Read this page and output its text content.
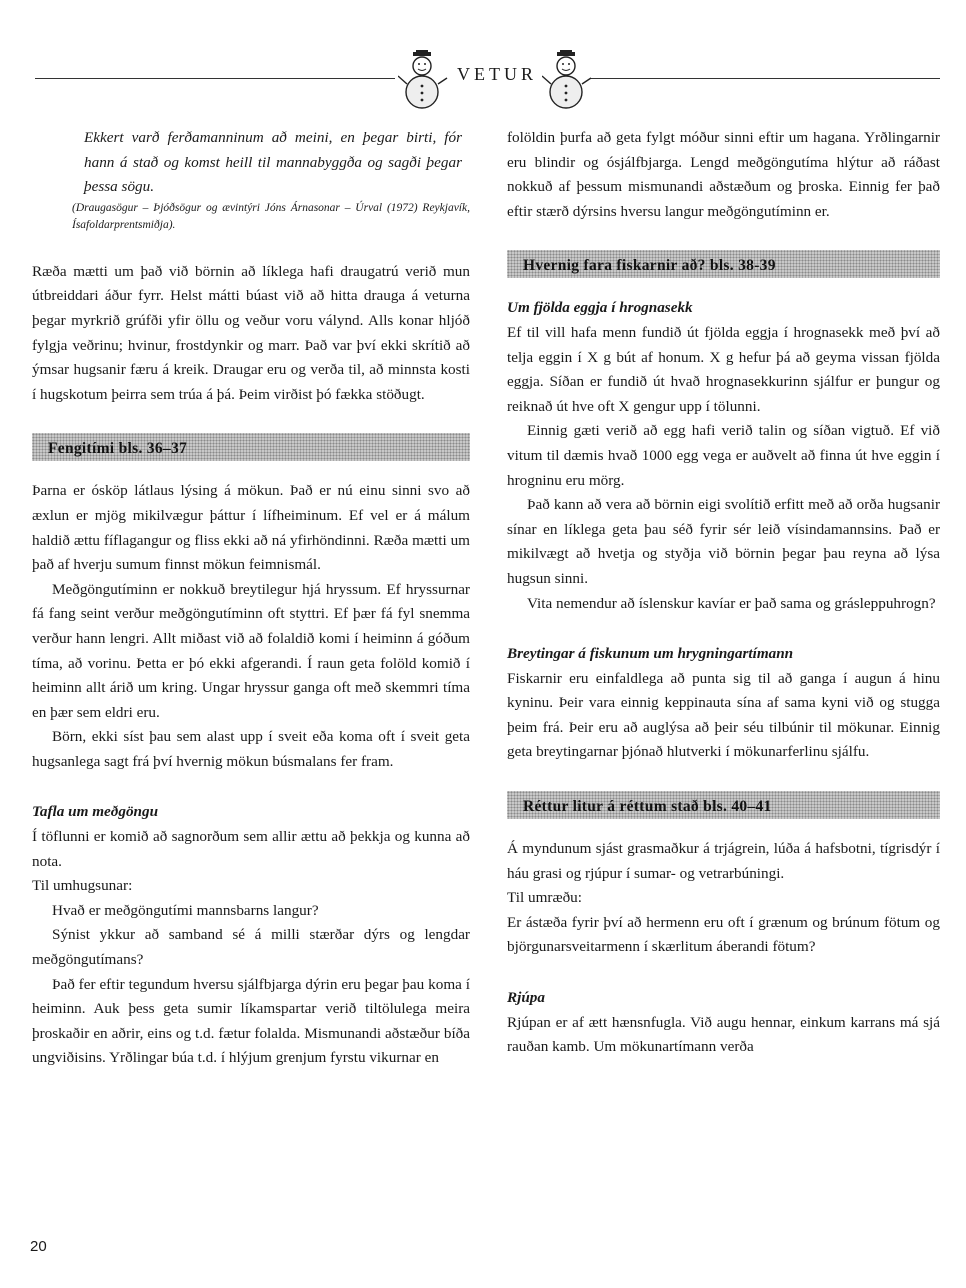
VETUR

Ekkert varð ferðamanninum að meini, en þegar birti, fór hann á stað og komst heill til mannabyggða og sagði þegar þessa sögu.

(Draugasögur – Þjóðsögur og ævintýri Jóns Árnasonar – Úrval (1972) Reykjavík, Ísafoldarprentsmiðja).

Ræða mætti um það við börnin að líklega hafi draugatrú verið mun útbreiddari áður fyrr. Helst mátti búast við að hitta drauga á veturna þegar myrkrið grúfði yfir öllu og veður voru válynd. Alls konar hljóð fylgja veðrinu; hvinur, frostdynkir og marr. Það var því ekki skrítið að ýmsar hugsanir færu á kreik. Draugar eru og verða til, að minnsta kosti í hugskotum þeirra sem trúa á þá. Þeim virðist þó fækka stöðugt.

Fengitími bls. 36–37

Þarna er ósköp látlaus lýsing á mökun. Það er nú einu sinni svo að æxlun er mjög mikilvægur þáttur í lífheiminum. Ef vel er á málum haldið ættu fíflagangur og fliss ekki að ná yfirhöndinni. Ræða mætti um það af hverju sumum finnst mökun feimnismál.

Meðgöngutíminn er nokkuð breytilegur hjá hryssum. Ef hryssurnar fá fang seint verður meðgöngutíminn oft styttri. Ef þær fá fyl snemma verður hann lengri. Allt miðast við að folaldið komi í heiminn á góðum tíma, að vorinu. Þetta er þó ekki afgerandi. Í raun geta folöld komið í heiminn allt árið um kring. Ungar hryssur ganga oft með skemmri tíma en þær sem eldri eru.

Börn, ekki síst þau sem alast upp í sveit eða koma oft í sveit geta hugsanlega sagt frá því hvernig mökun búsmalans fer fram.

Tafla um meðgöngu

Í töflunni er komið að sagnorðum sem allir ættu að þekkja og kunna að nota.

Til umhugsunar:

Hvað er meðgöngutími mannsbarns langur?

Sýnist ykkur að samband sé á milli stærðar dýrs og lengdar meðgöngutímans?

Það fer eftir tegundum hversu sjálfbjarga dýrin eru þegar þau koma í heiminn. Auk þess geta sumir líkamspartar verið tiltölulega meira þroskaðir en aðrir, eins og t.d. fætur folalda. Mismunandi aðstæður bíða ungviðisins. Yrðlingar búa t.d. í hlýjum grenjum fyrstu vikurnar en

folöldin þurfa að geta fylgt móður sinni eftir um hagana. Yrðlingarnir eru blindir og ósjálfbjarga. Lengd meðgöngutíma hlýtur að ráðast nokkuð af þessum mismunandi aðstæðum og þroska. Einnig fer það eftir stærð dýrsins hversu langur meðgöngutíminn er.

Hvernig fara fiskarnir að? bls. 38-39

Um fjölda eggja í hrognasekk

Ef til vill hafa menn fundið út fjölda eggja í hrognasekk með því að telja eggin í X g bút af honum. X g hefur þá að geyma vissan fjölda eggja. Síðan er fundið út hvað hrognasekkurinn sjálfur er þungur og reiknað út hve oft X gengur upp í tölunni.

Einnig gæti verið að egg hafi verið talin og síðan vigtuð. Ef við vitum til dæmis hvað 1000 egg vega er auðvelt að finna út hve eggin í hrogninu eru mörg.

Það kann að vera að börnin eigi svolítið erfitt með að orða hugsanir sínar en líklega geta þau séð fyrir sér leið vísindamannsins. Það er mikilvægt að hvetja og styðja við börnin þegar þau reyna að lýsa hugsun sinni.

Vita nemendur að íslenskur kavíar er það sama og grásleppuhrogn?

Breytingar á fiskunum um hrygningartímann

Fiskarnir eru einfaldlega að punta sig til að ganga í augun á hinu kyninu. Þeir vara einnig keppinauta sína af sama kyni við og stugga þeim frá. Þeir eru að auglýsa að þeir séu tilbúnir til mökunar. Einnig geta breytingarnar þjónað hlutverki í mökunarferlinu sjálfu.

Réttur litur á réttum stað bls. 40–41

Á myndunum sjást grasmaðkur á trjágrein, lúða á hafsbotni, tígrisdýr í háu grasi og rjúpur í sumar- og vetrarbúningi.

Til umræðu:

Er ástæða fyrir því að hermenn eru oft í grænum og brúnum fötum og björgunarsveitarmenn í skærlitum áberandi fötum?

Rjúpa

Rjúpan er af ætt hænsnfugla. Við augu hennar, einkum karrans má sjá rauðan kamb. Um mökunartímann verða

20
